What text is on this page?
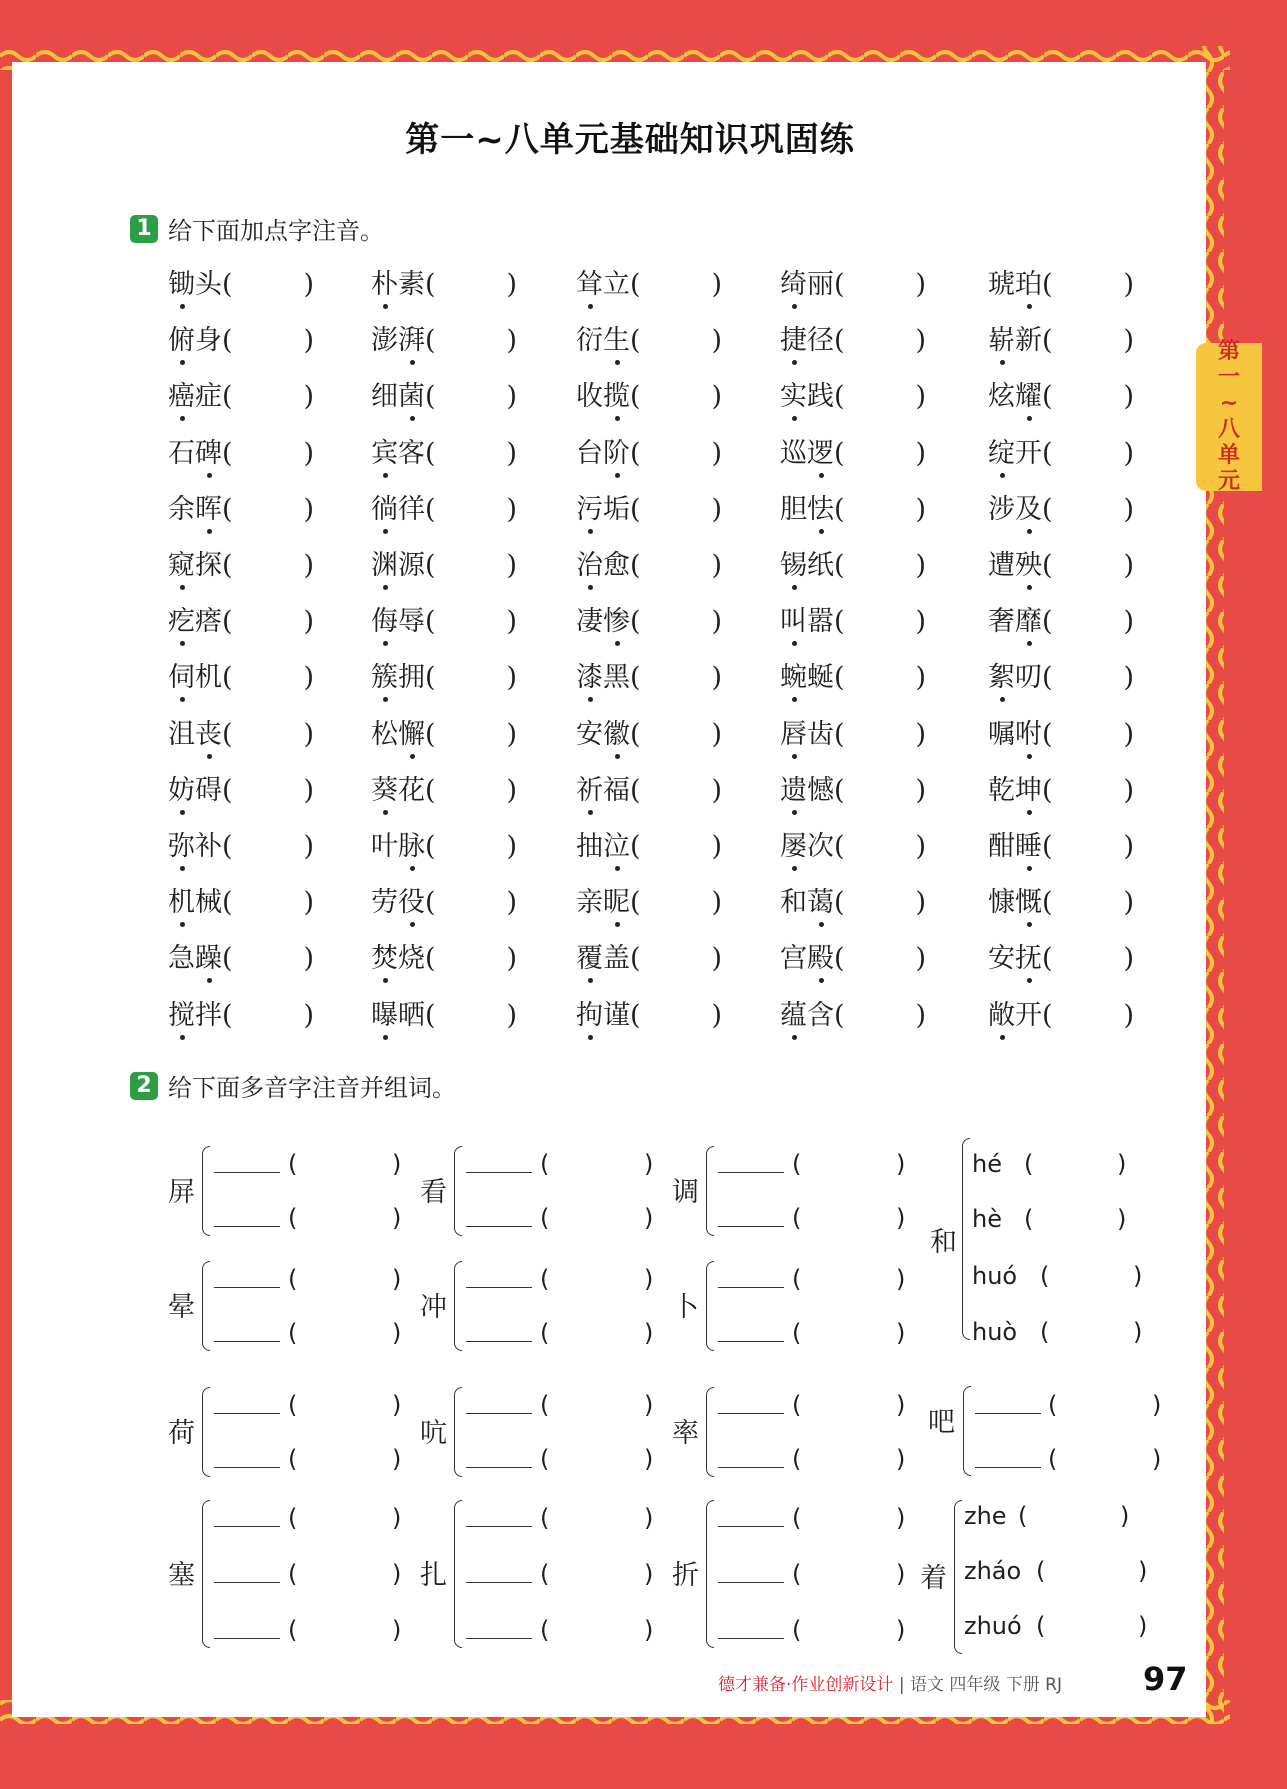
第一~八单元基础知识巩固练
第
一
~
八
单
元
1 给下面加点字注音。
锄头( )	朴素( )	耸立( )	绮丽( )	琥珀( )
俯身( )	澎湃( )	衍生( )	捷径( )	崭新( )
癌症( )	细菌( )	收揽( )	实践( )	炫耀( )
石碑( )	宾客( )	台阶( )	巡逻( )	绽开( )
余晖( )	徜徉( )	污垢( )	胆怯( )	涉及( )
窥探( )	渊源( )	治愈( )	锡纸( )	遭殃( )
疙瘩( )	侮辱( )	凄惨( )	叫嚣( )	奢靡( )
伺机( )	簇拥( )	漆黑( )	蜿蜒( )	絮叨( )
沮丧( )	松懈( )	安徽( )	唇齿( )	嘱咐( )
妨碍( )	葵花( )	祈福( )	遗憾( )	乾坤( )
弥补( )	叶脉( )	抽泣( )	屡次( )	酣睡( )
机械( )	劳役( )	亲昵( )	和蔼( )	慷慨( )
急躁( )	焚烧( )	覆盖( )	宫殿( )	安抚( )
搅拌( )	曝晒( )	拘谨( )	蕴含( )	敞开( )
2 给下面多音字注音并组词。
屏
(	)
(	)
看
(	)
(	)
调
(	)
(	)
晕
(	)
(	)
冲
(	)
(	)
卜
(	)
(	)
荷
(	)
(	)
吭
(	)
(	)
率
(	)
(	)
塞
(	)
(	)
(	)
扎
(	)
(	)
(	)
折
(	)
(	)
(	)
和
hé (	)
hè (	)
huó (	)
huò (	)
吧
(	)
(	)
着
zhe (	)
zháo (	)
zhuó (	)
德才兼备·作业创新设计 | 语文 四年级 下册 RJ	97
